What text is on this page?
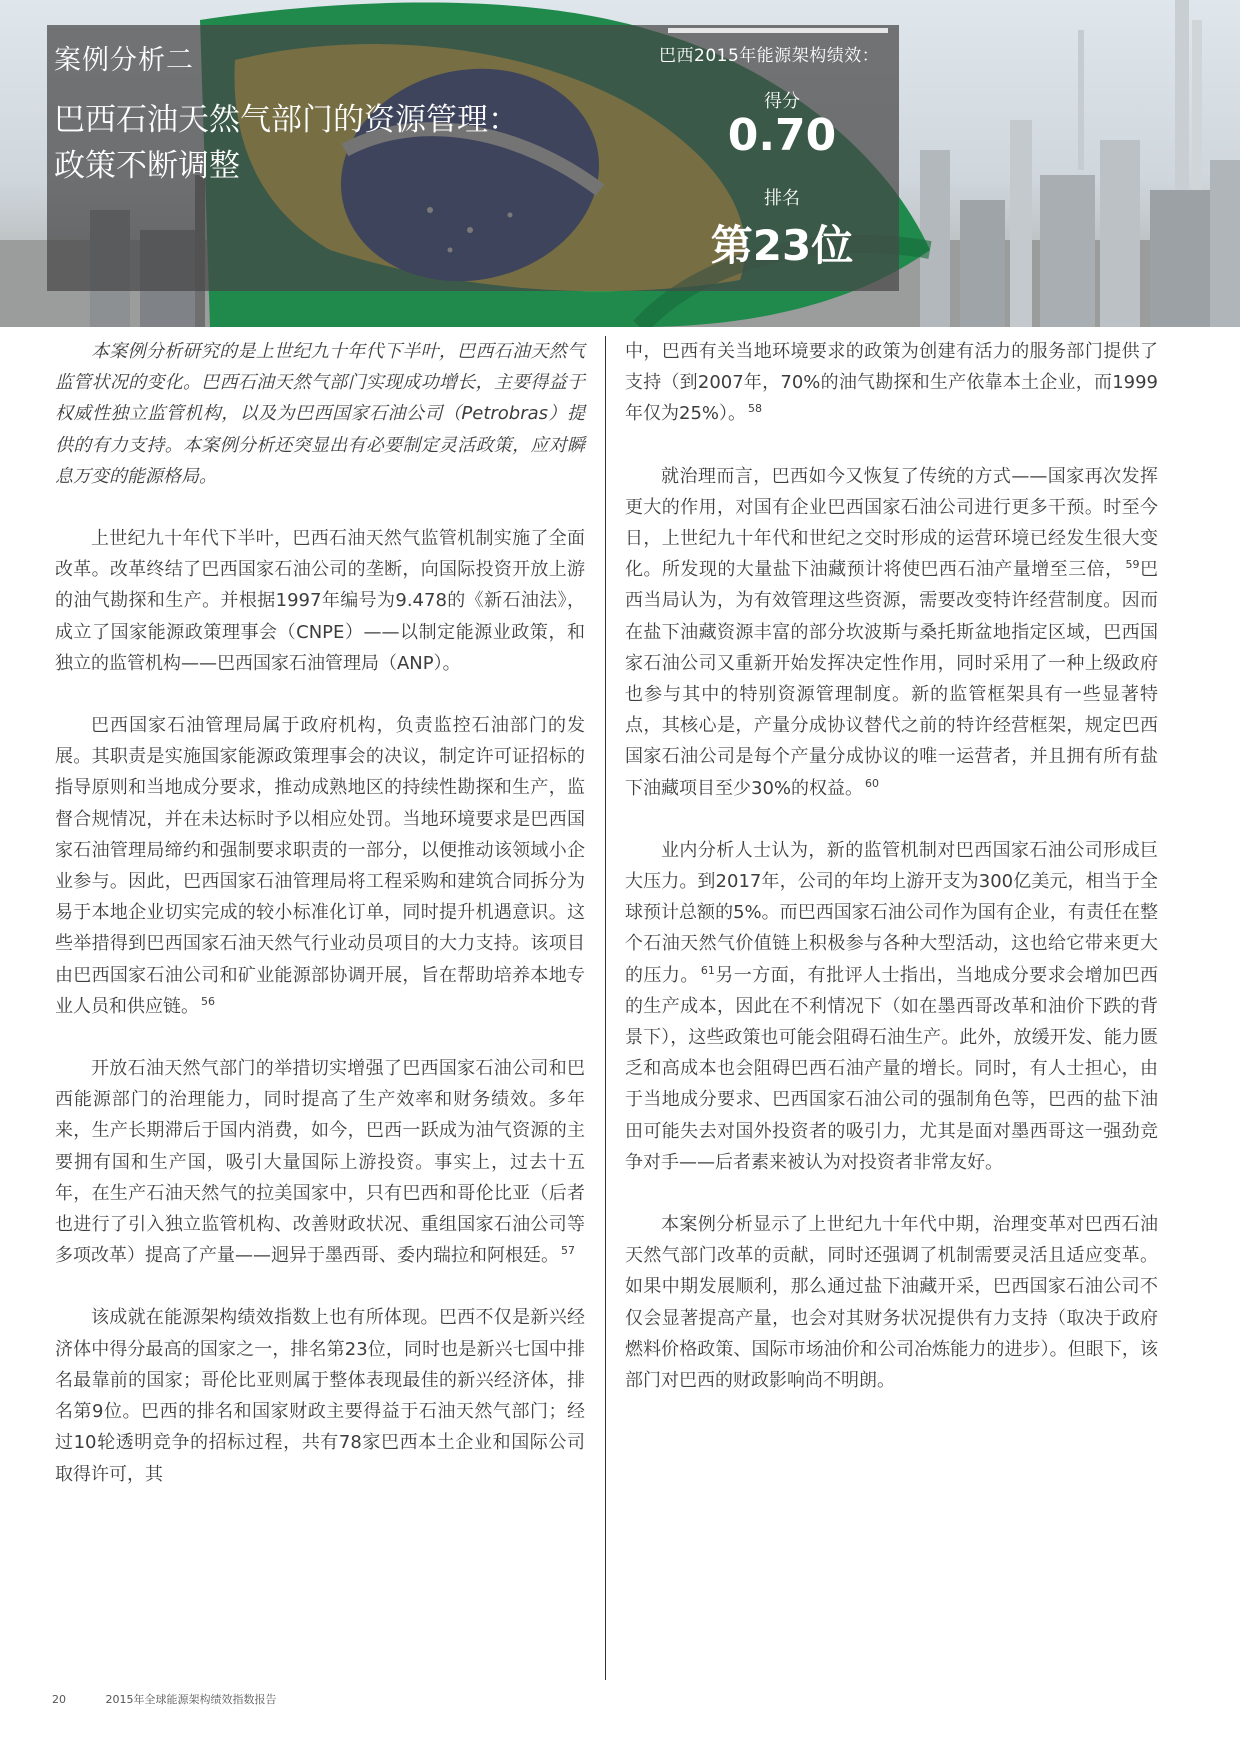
案例分析二
巴西石油天然气部门的资源管理：
政策不断调整
巴西2015年能源架构绩效：
得分
0.70
排名
第23位

本案例分析研究的是上世纪九十年代下半叶，巴西石油天然气监管状况的变化。巴西石油天然气部门实现成功增长，主要得益于权威性独立监管机构，以及为巴西国家石油公司（Petrobras）提供的有力支持。本案例分析还突显出有必要制定灵活政策，应对瞬息万变的能源格局。

上世纪九十年代下半叶，巴西石油天然气监管机制实施了全面改革。改革终结了巴西国家石油公司的垄断，向国际投资开放上游的油气勘探和生产。并根据1997年编号为9.478的《新石油法》，成立了国家能源政策理事会（CNPE）——以制定能源业政策，和独立的监管机构——巴西国家石油管理局（ANP）。

巴西国家石油管理局属于政府机构，负责监控石油部门的发展。其职责是实施国家能源政策理事会的决议，制定许可证招标的指导原则和当地成分要求，推动成熟地区的持续性勘探和生产，监督合规情况，并在未达标时予以相应处罚。当地环境要求是巴西国家石油管理局缔约和强制要求职责的一部分，以便推动该领域小企业参与。因此，巴西国家石油管理局将工程采购和建筑合同拆分为易于本地企业切实完成的较小标准化订单，同时提升机遇意识。这些举措得到巴西国家石油天然气行业动员项目的大力支持。该项目由巴西国家石油公司和矿业能源部协调开展，旨在帮助培养本地专业人员和供应链。 $^{56}$

开放石油天然气部门的举措切实增强了巴西国家石油公司和巴西能源部门的治理能力，同时提高了生产效率和财务绩效。多年来，生产长期滞后于国内消费，如今，巴西一跃成为油气资源的主要拥有国和生产国，吸引大量国际上游投资。事实上，过去十五年，在生产石油天然气的拉美国家中，只有巴西和哥伦比亚（后者也进行了引入独立监管机构、改善财政状况、重组国家石油公司等多项改革）提高了产量——迥异于墨西哥、委内瑞拉和阿根廷。 $^{57}$

该成就在能源架构绩效指数上也有所体现。巴西不仅是新兴经济体中得分最高的国家之一，排名第23位，同时也是新兴七国中排名最靠前的国家；哥伦比亚则属于整体表现最佳的新兴经济体，排名第9位。巴西的排名和国家财政主要得益于石油天然气部门；经过10轮透明竞争的招标过程，共有78家巴西本土企业和国际公司取得许可，其

中，巴西有关当地环境要求的政策为创建有活力的服务部门提供了支持（到2007年，70%的油气勘探和生产依靠本土企业，而1999年仅为25%）。 $^{58}$

就治理而言，巴西如今又恢复了传统的方式——国家再次发挥更大的作用，对国有企业巴西国家石油公司进行更多干预。时至今日，上世纪九十年代和世纪之交时形成的运营环境已经发生很大变化。所发现的大量盐下油藏预计将使巴西石油产量增至三倍， $^{59}$巴西当局认为，为有效管理这些资源，需要改变特许经营制度。因而在盐下油藏资源丰富的部分坎波斯与桑托斯盆地指定区域，巴西国家石油公司又重新开始发挥决定性作用，同时采用了一种上级政府也参与其中的特别资源管理制度。新的监管框架具有一些显著特点，其核心是，产量分成协议替代之前的特许经营框架，规定巴西国家石油公司是每个产量分成协议的唯一运营者，并且拥有所有盐下油藏项目至少30%的权益。 $^{60}$

业内分析人士认为，新的监管机制对巴西国家石油公司形成巨大压力。到2017年，公司的年均上游开支为300亿美元，相当于全球预计总额的5%。而巴西国家石油公司作为国有企业，有责任在整个石油天然气价值链上积极参与各种大型活动，这也给它带来更大的压力。 $^{61}$另一方面，有批评人士指出，当地成分要求会增加巴西的生产成本，因此在不利情况下（如在墨西哥改革和油价下跌的背景下），这些政策也可能会阻碍石油生产。此外，放缓开发、能力匮乏和高成本也会阻碍巴西石油产量的增长。同时，有人士担心，由于当地成分要求、巴西国家石油公司的强制角色等，巴西的盐下油田可能失去对国外投资者的吸引力，尤其是面对墨西哥这一强劲竞争对手——后者素来被认为对投资者非常友好。

本案例分析显示了上世纪九十年代中期，治理变革对巴西石油天然气部门改革的贡献，同时还强调了机制需要灵活且适应变革。如果中期发展顺利，那么通过盐下油藏开采，巴西国家石油公司不仅会显著提高产量，也会对其财务状况提供有力支持（取决于政府燃料价格政策、国际市场油价和公司冶炼能力的进步）。但眼下，该部门对巴西的财政影响尚不明朗。

20	2015年全球能源架构绩效指数报告
